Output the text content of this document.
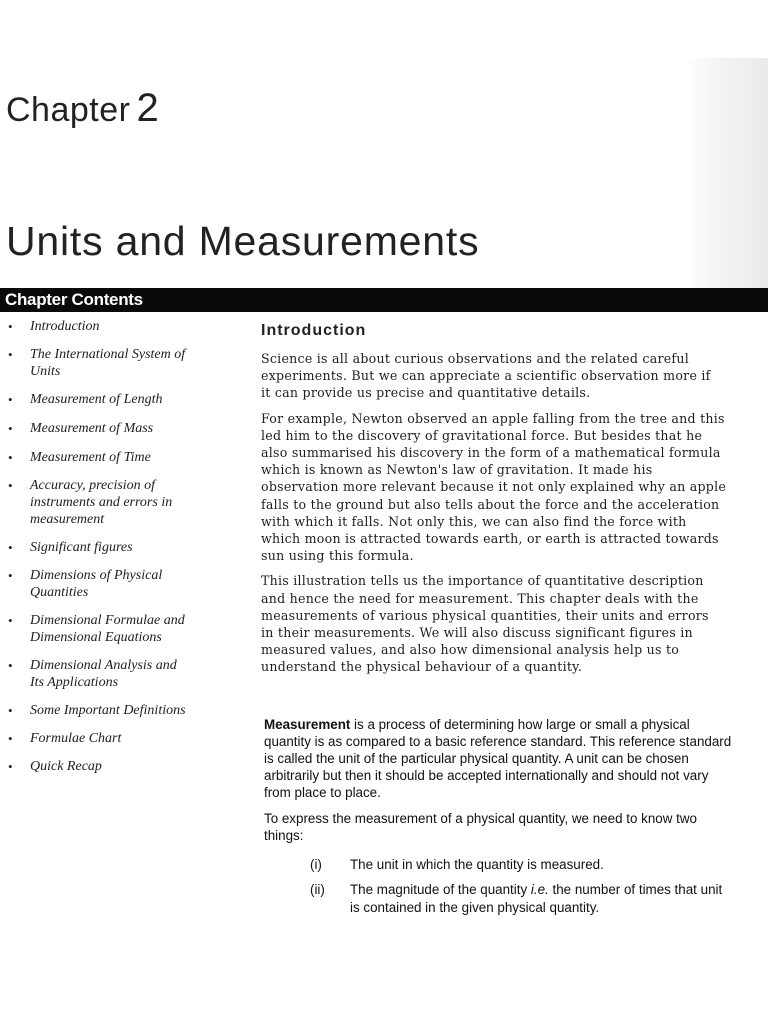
Chapter 2
Units and Measurements
Chapter Contents
• Introduction
• The International System of
Units
• Measurement of Length
• Measurement of Mass
• Measurement of Time
• Accuracy, precision of
instruments and errors in
measurement
• Significant figures
• Dimensions of Physical
Quantities
• Dimensional Formulae and
Dimensional Equations
• Dimensional Analysis and
Its Applications
• Some Important Definitions
• Formulae Chart
• Quick Recap
Introduction

Science is all about curious observations and the related careful
experiments. But we can appreciate a scientific observation more if
it can provide us precise and quantitative details.

For example, Newton observed an apple falling from the tree and this
led him to the discovery of gravitational force. But besides that he
also summarised his discovery in the form of a mathematical formula
which is known as Newton's law of gravitation. It made his
observation more relevant because it not only explained why an apple
falls to the ground but also tells about the force and the acceleration
with which it falls. Not only this, we can also find the force with
which moon is attracted towards earth, or earth is attracted towards
sun using this formula.

This illustration tells us the importance of quantitative description
and hence the need for measurement. This chapter deals with the
measurements of various physical quantities, their units and errors
in their measurements. We will also discuss significant figures in
measured values, and also how dimensional analysis help us to
understand the physical behaviour of a quantity.

Measurement is a process of determining how large or small a physical
quantity is as compared to a basic reference standard. This reference standard
is called the unit of the particular physical quantity. A unit can be chosen
arbitrarily but then it should be accepted internationally and should not vary
from place to place.

To express the measurement of a physical quantity, we need to know two
things:

(i) The unit in which the quantity is measured.
(ii) The magnitude of the quantity i.e. the number of times that unit
is contained in the given physical quantity.
